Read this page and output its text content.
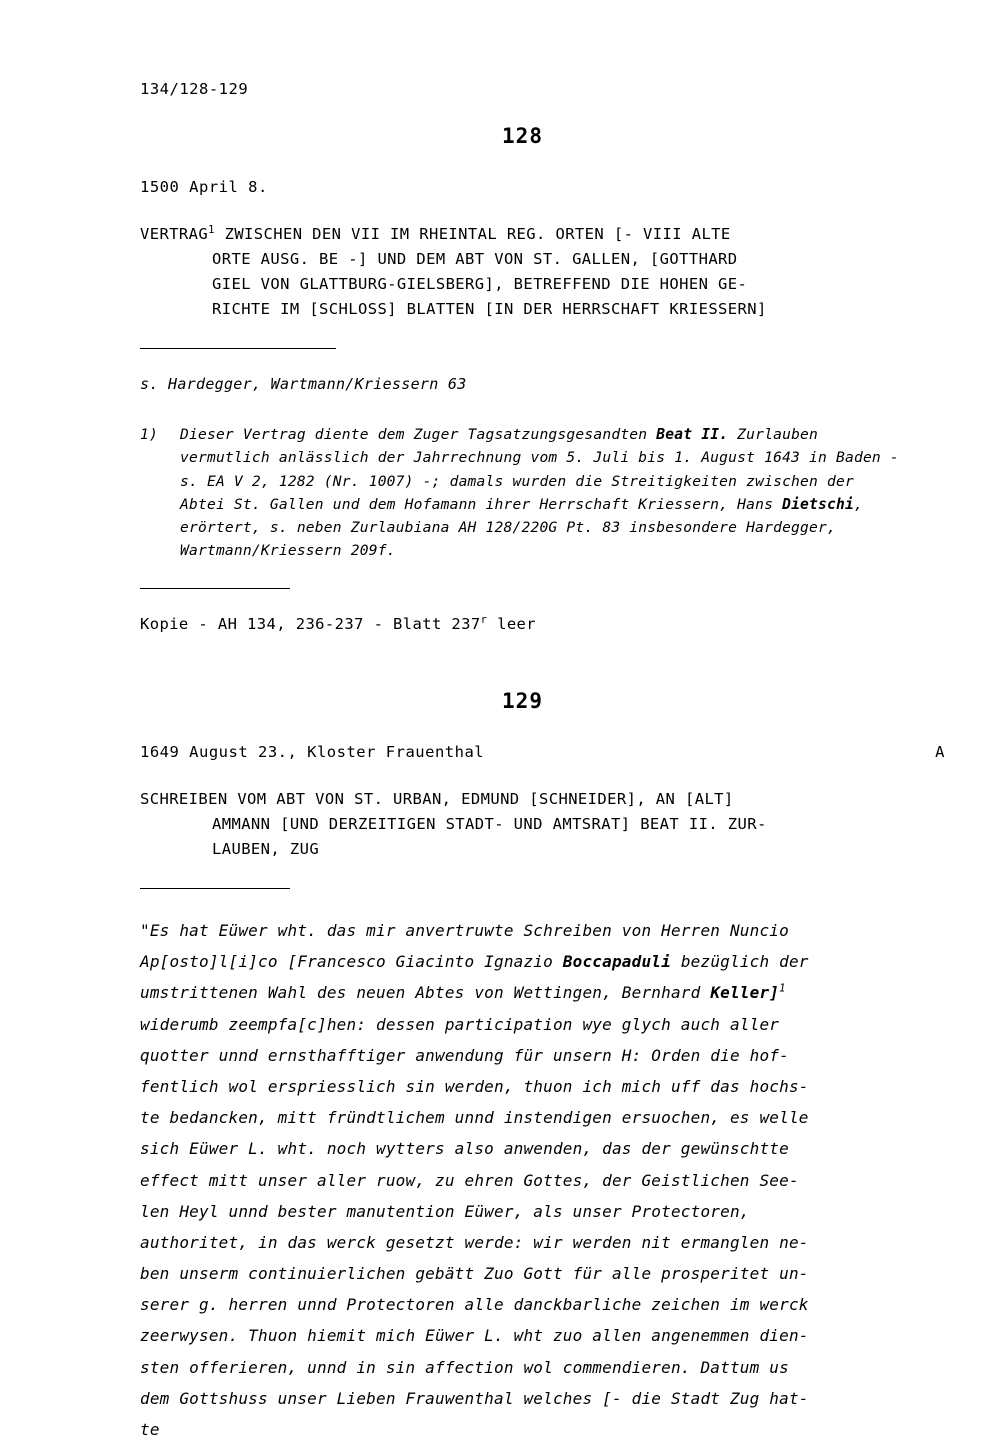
134/128-129
128
1500 April 8.
VERTRAG$^1$ ZWISCHEN DEN VII IM RHEINTAL REG. ORTEN [- VIII ALTE
ORTE AUSG. BE -] UND DEM ABT VON ST. GALLEN, [GOTTHARD
GIEL VON GLATTBURG-GIELSBERG], BETREFFEND DIE HOHEN GE-
RICHTE IM [SCHLOSS] BLATTEN [IN DER HERRSCHAFT KRIESSERN]
s. Hardegger, Wartmann/Kriessern 63
1)	Dieser Vertrag diente dem Zuger Tagsatzungsgesandten Beat II. Zurlauben vermutlich anlässlich der Jahrrechnung vom 5. Juli bis 1. August 1643 in Baden - s. EA V 2, 1282 (Nr. 1007) -; damals wurden die Streitigkeiten zwischen der Abtei St. Gallen und dem Hofamann ihrer Herrschaft Kriessern, Hans Dietschi, erörtert, s. neben Zurlaubiana AH 128/220G Pt. 83 insbesondere Hardegger, Wartmann/Kriessern 209f.
Kopie - AH 134, 236-237 - Blatt 237$^r$ leer
129
1649 August 23., Kloster Frauenthal	A
SCHREIBEN VOM ABT VON ST. URBAN, EDMUND [SCHNEIDER], AN [ALT]
AMMANN [UND DERZEITIGEN STADT- UND AMTSRAT] BEAT II. ZUR-
LAUBEN, ZUG
"Es hat Eüwer wht. das mir anvertruwte Schreiben von Herren Nuncio
Ap[osto]l[i]co [Francesco Giacinto Ignazio Boccapaduli bezüglich der
umstrittenen Wahl des neuen Abtes von Wettingen, Bernhard Keller]$^1$
widerumb zeempfa[c]hen: dessen participation wye glych auch aller
quotter unnd ernsthafftiger anwendung für unsern H: Orden die hof-
fentlich wol erspriesslich sin werden, thuon ich mich uff das hochs-
te bedancken, mitt fründtlichem unnd instendigen ersuochen, es welle
sich Eüwer L. wht. noch wytters also anwenden, das der gewünschtte
effect mitt unser aller ruow, zu ehren Gottes, der Geistlichen See-
len Heyl unnd bester manutention Eüwer, als unser Protectoren,
authoritet, in das werck gesetzt werde: wir werden nit ermanglen ne-
ben unserm continuierlichen gebätt Zuo Gott für alle prosperitet un-
serer g. herren unnd Protectoren alle danckbarliche zeichen im werck
zeerwysen. Thuon hiemit mich Eüwer L. wht zuo allen angenemmen dien-
sten offerieren, unnd in sin affection wol commendieren. Dattum us
dem Gottshuss unser Lieben Frauwenthal welches [- die Stadt Zug hat-
te
